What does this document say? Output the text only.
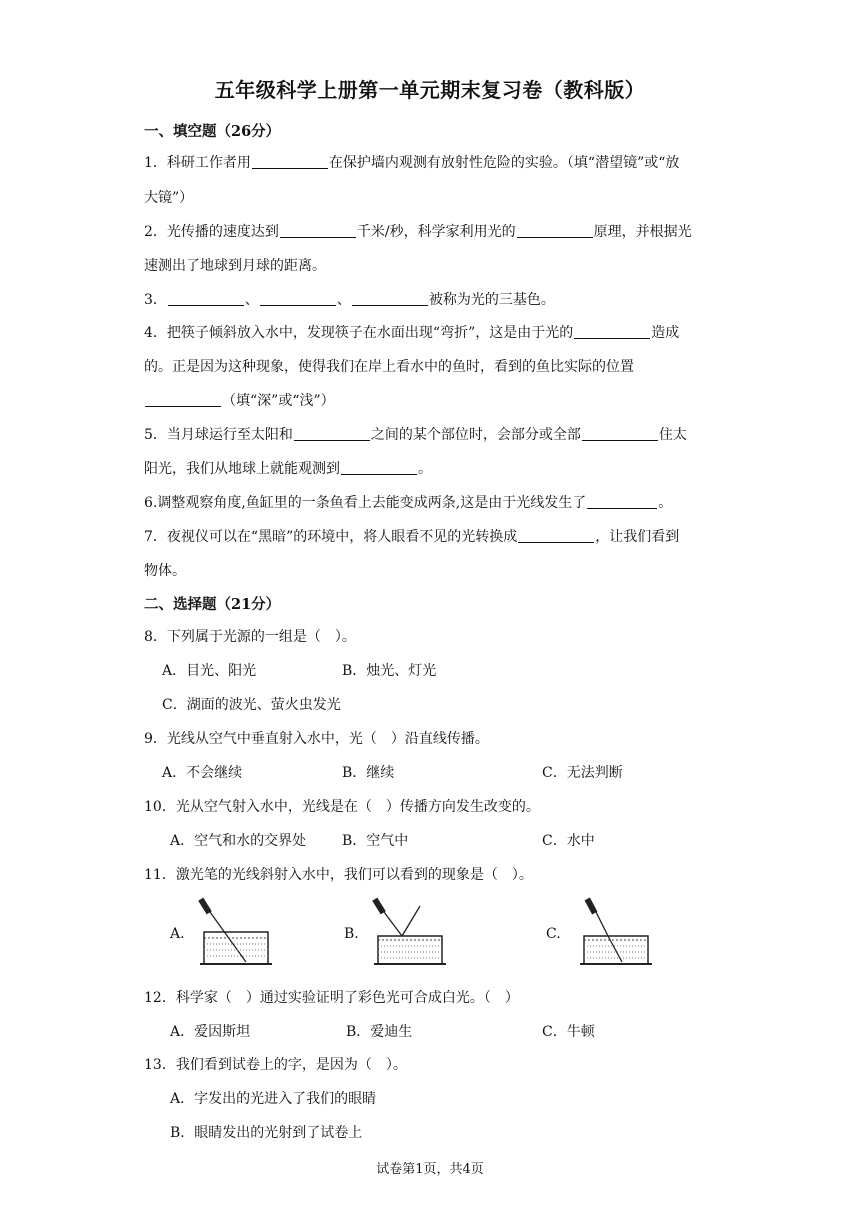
五年级科学上册第一单元期末复习卷（教科版）
一、填空题（26分）
1．科研工作者用	在保护墙内观测有放射性危险的实验。（填“潜望镜”或“放
大镜”）
2．光传播的速度达到	千米/秒，科学家利用光的	原理，并根据光
速测出了地球到月球的距离。
3．	、	、	被称为光的三基色。
4．把筷子倾斜放入水中，发现筷子在水面出现“弯折”，这是由于光的	造成
的。正是因为这种现象，使得我们在岸上看水中的鱼时，看到的鱼比实际的位置
（填“深”或“浅”）
5．当月球运行至太阳和	之间的某个部位时，会部分或全部	住太
阳光，我们从地球上就能观测到	。
6.调整观察角度,鱼缸里的一条鱼看上去能变成两条,这是由于光线发生了	。
7．夜视仪可以在“黑暗”的环境中，将人眼看不见的光转换成	，让我们看到
物体。
二、选择题（21分）
8．下列属于光源的一组是（　）。
A．目光、阳光	B．烛光、灯光
C．湖面的波光、萤火虫发光
9．光线从空气中垂直射入水中，光（　）沿直线传播。
A．不会继续	B．继续	C．无法判断
10．光从空气射入水中，光线是在（　）传播方向发生改变的。
A．空气和水的交界处	B．空气中	C．水中
11．激光笔的光线斜射入水中，我们可以看到的现象是（　）。
A.	B.	C.
12．科学家（　）通过实验证明了彩色光可合成白光。（　）
A．爱因斯坦	B．爱迪生	C．牛顿
13．我们看到试卷上的字，是因为（　）。
A．字发出的光进入了我们的眼睛
B．眼睛发出的光射到了试卷上
试卷第1页，共4页
